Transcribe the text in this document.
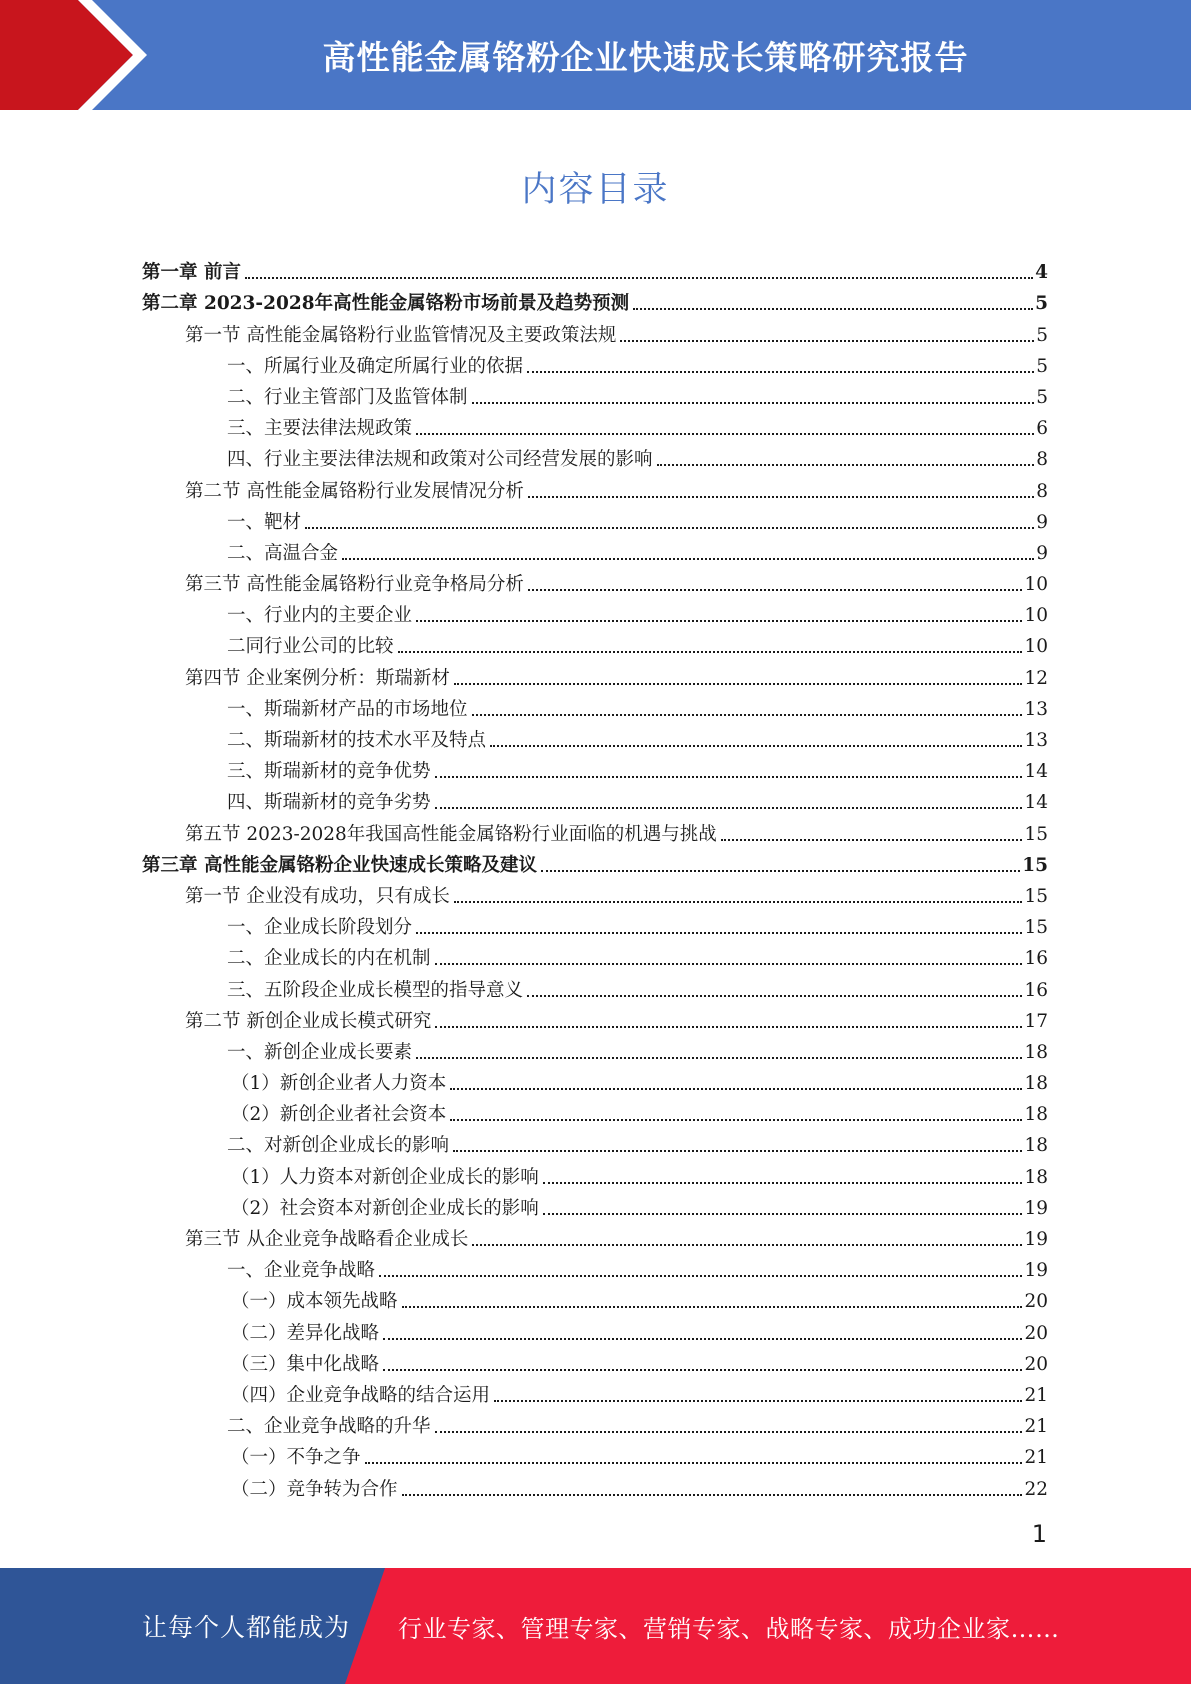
高性能金属铬粉企业快速成长策略研究报告
内容目录
第一章 前言	4
第二章 2023-2028年高性能金属铬粉市场前景及趋势预测	5
第一节 高性能金属铬粉行业监管情况及主要政策法规	5
一、所属行业及确定所属行业的依据	5
二、行业主管部门及监管体制	5
三、主要法律法规政策	6
四、行业主要法律法规和政策对公司经营发展的影响	8
第二节 高性能金属铬粉行业发展情况分析	8
一、靶材	9
二、高温合金	9
第三节 高性能金属铬粉行业竞争格局分析	10
一、行业内的主要企业	10
二同行业公司的比较	10
第四节 企业案例分析：斯瑞新材	12
一、斯瑞新材产品的市场地位	13
二、斯瑞新材的技术水平及特点	13
三、斯瑞新材的竞争优势	14
四、斯瑞新材的竞争劣势	14
第五节 2023-2028年我国高性能金属铬粉行业面临的机遇与挑战	15
第三章 高性能金属铬粉企业快速成长策略及建议	15
第一节 企业没有成功，只有成长	15
一、企业成长阶段划分	15
二、企业成长的内在机制	16
三、五阶段企业成长模型的指导意义	16
第二节 新创企业成长模式研究	17
一、新创企业成长要素	18
（1）新创企业者人力资本	18
（2）新创企业者社会资本	18
二、对新创企业成长的影响	18
（1）人力资本对新创企业成长的影响	18
（2）社会资本对新创企业成长的影响	19
第三节 从企业竞争战略看企业成长	19
一、企业竞争战略	19
（一）成本领先战略	20
（二）差异化战略	20
（三）集中化战略	20
（四）企业竞争战略的结合运用	21
二、企业竞争战略的升华	21
（一）不争之争	21
（二）竞争转为合作	22
1
让每个人都能成为 行业专家、管理专家、营销专家、战略专家、成功企业家……
